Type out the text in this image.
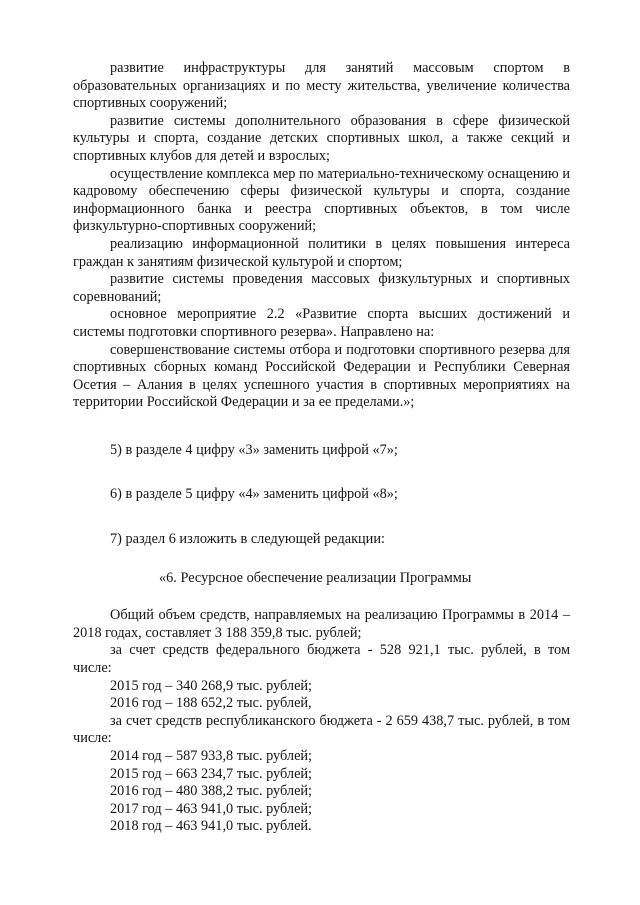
развитие инфраструктуры для занятий массовым спортом в образовательных организациях и по месту жительства, увеличение количества спортивных сооружений;

развитие системы дополнительного образования в сфере физической культуры и спорта, создание детских спортивных школ, а также секций и спортивных клубов для детей и взрослых;

осуществление комплекса мер по материально-техническому оснащению и кадровому обеспечению сферы физической культуры и спорта, создание информационного банка и реестра спортивных объектов, в том числе физкультурно-спортивных сооружений;

реализацию информационной политики в целях повышения интереса граждан к занятиям физической культурой и спортом;

развитие системы проведения массовых физкультурных и спортивных соревнований;

основное мероприятие 2.2 «Развитие спорта высших достижений и системы подготовки спортивного резерва». Направлено на:

совершенствование системы отбора и подготовки спортивного резерва для спортивных сборных команд Российской Федерации и Республики Северная Осетия – Алания в целях успешного участия в спортивных мероприятиях на территории Российской Федерации и за ее пределами.»;

5) в разделе 4 цифру «3» заменить цифрой «7»;

6) в разделе 5 цифру «4» заменить цифрой «8»;

7) раздел 6 изложить в следующей редакции:

«6. Ресурсное обеспечение реализации Программы

Общий объем средств, направляемых на реализацию Программы в 2014 – 2018 годах, составляет 3 188 359,8 тыс. рублей;

за счет средств федерального бюджета - 528 921,1 тыс. рублей, в том числе:

2015 год – 340 268,9 тыс. рублей;

2016 год – 188 652,2 тыс. рублей,

за счет средств республиканского бюджета - 2 659 438,7 тыс. рублей, в том числе:

2014 год – 587 933,8 тыс. рублей;

2015 год – 663 234,7 тыс. рублей;

2016 год – 480 388,2 тыс. рублей;

2017 год – 463 941,0 тыс. рублей;

2018 год – 463 941,0 тыс. рублей.
